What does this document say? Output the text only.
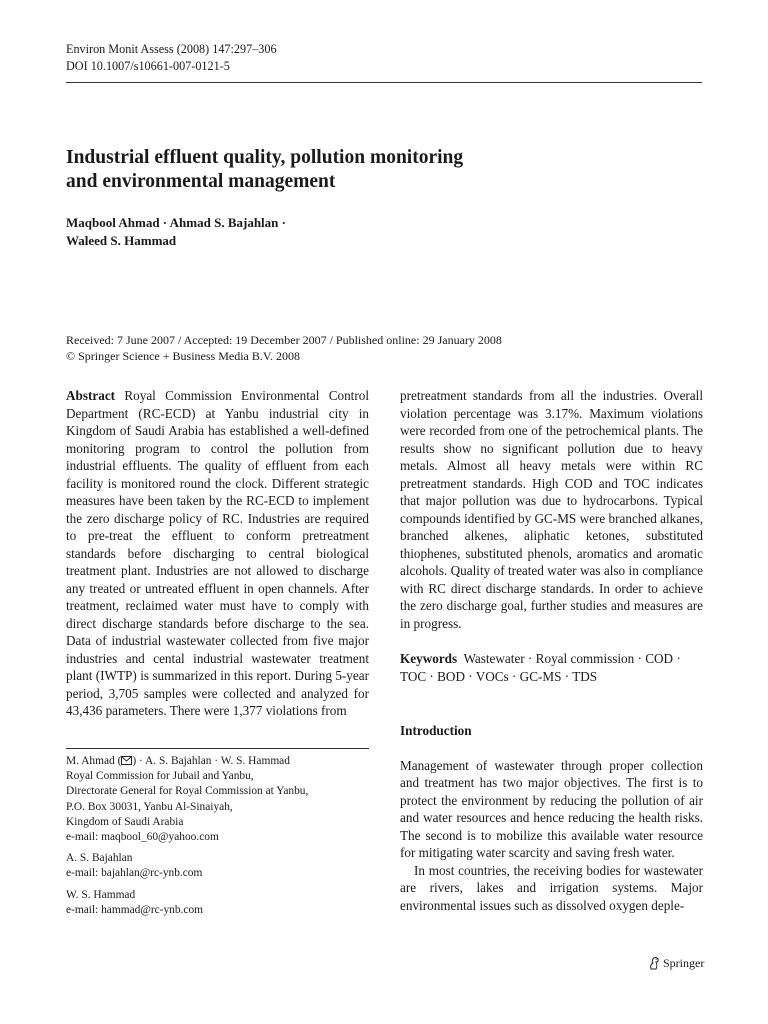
Environ Monit Assess (2008) 147:297–306
DOI 10.1007/s10661-007-0121-5
Industrial effluent quality, pollution monitoring
and environmental management
Maqbool Ahmad · Ahmad S. Bajahlan ·
Waleed S. Hammad
Received: 7 June 2007 / Accepted: 19 December 2007 / Published online: 29 January 2008
© Springer Science + Business Media B.V. 2008

Abstract Royal Commission Environmental Control Department (RC-ECD) at Yanbu industrial city in Kingdom of Saudi Arabia has established a well-defined monitoring program to control the pollution from industrial effluents. The quality of effluent from each facility is monitored round the clock. Different strategic measures have been taken by the RC-ECD to implement the zero discharge policy of RC. Industries are required to pre-treat the effluent to conform pretreatment standards before discharging to central biological treatment plant. Industries are not allowed to discharge any treated or untreated effluent in open channels. After treatment, reclaimed water must have to comply with direct discharge standards before discharge to the sea. Data of industrial wastewater collected from five major industries and cental industrial wastewater treatment plant (IWTP) is summarized in this report. During 5-year period, 3,705 samples were collected and analyzed for 43,436 parameters. There were 1,377 violations from

pretreatment standards from all the industries. Overall violation percentage was 3.17%. Maximum violations were recorded from one of the petrochemical plants. The results show no significant pollution due to heavy metals. Almost all heavy metals were within RC pretreatment standards. High COD and TOC indicates that major pollution was due to hydrocarbons. Typical compounds identified by GC-MS were branched alkanes, branched alkenes, aliphatic ketones, substituted thiophenes, substituted phenols, aromatics and aromatic alcohols. Quality of treated water was also in compliance with RC direct discharge standards. In order to achieve the zero discharge goal, further studies and measures are in progress.

Keywords Wastewater · Royal commission · COD · TOC · BOD · VOCs · GC-MS · TDS

Introduction

Management of wastewater through proper collection and treatment has two major objectives. The first is to protect the environment by reducing the pollution of air and water resources and hence reducing the health risks. The second is to mobilize this available water resource for mitigating water scarcity and saving fresh water.

In most countries, the receiving bodies for wastewater are rivers, lakes and irrigation systems. Major environmental issues such as dissolved oxygen deple-

M. Ahmad ( ) · A. S. Bajahlan · W. S. Hammad

Royal Commission for Jubail and Yanbu,

Directorate General for Royal Commission at Yanbu,

P.O. Box 30031, Yanbu Al-Sinaiyah,

Kingdom of Saudi Arabia

e-mail: maqbool_60@yahoo.com

A. S. Bajahlan

e-mail: bajahlan@rc-ynb.com

W. S. Hammad

e-mail: hammad@rc-ynb.com

Springer
